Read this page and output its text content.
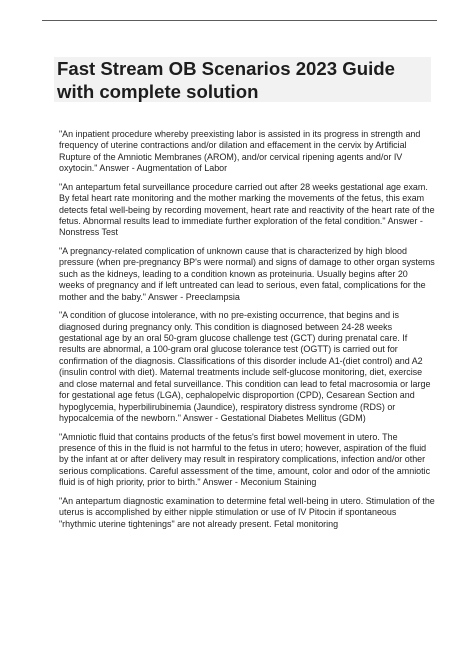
Fast Stream OB Scenarios 2023 Guide with complete solution

"An inpatient procedure whereby preexisting labor is assisted in its progress in strength and frequency of uterine contractions and/or dilation and effacement in the cervix by Artificial Rupture of the Amniotic Membranes (AROM), and/or cervical ripening agents and/or IV oxytocin." Answer - Augmentation of Labor

"An antepartum fetal surveillance procedure carried out after 28 weeks gestational age exam. By fetal heart rate monitoring and the mother marking the movements of the fetus, this exam detects fetal well-being by recording movement, heart rate and reactivity of the heart rate of the fetus. Abnormal results lead to immediate further exploration of the fetal condition." Answer - Nonstress Test

"A pregnancy-related complication of unknown cause that is characterized by high blood pressure (when pre-pregnancy BP's were normal) and signs of damage to other organ systems such as the kidneys, leading to a condition known as proteinuria. Usually begins after 20 weeks of pregnancy and if left untreated can lead to serious, even fatal, complications for the mother and the baby." Answer - Preeclampsia

"A condition of glucose intolerance, with no pre-existing occurrence, that begins and is diagnosed during pregnancy only. This condition is diagnosed between 24-28 weeks gestational age by an oral 50-gram glucose challenge test (GCT) during prenatal care. If results are abnormal, a 100-gram oral glucose tolerance test (OGTT) is carried out for confirmation of the diagnosis. Classifications of this disorder include A1-(diet control) and A2 (insulin control with diet). Maternal treatments include self-glucose monitoring, diet, exercise and close maternal and fetal surveillance. This condition can lead to fetal macrosomia or large for gestational age fetus (LGA), cephalopelvic disproportion (CPD), Cesarean Section and hypoglycemia, hyperbilirubinemia (Jaundice), respiratory distress syndrome (RDS) or hypocalcemia of the newborn." Answer - Gestational Diabetes Mellitus (GDM)

"Amniotic fluid that contains products of the fetus's first bowel movement in utero. The presence of this in the fluid is not harmful to the fetus in utero; however, aspiration of the fluid by the infant at or after delivery may result in respiratory complications, infection and/or other serious complications. Careful assessment of the time, amount, color and odor of the amniotic fluid is of high priority, prior to birth." Answer - Meconium Staining

"An antepartum diagnostic examination to determine fetal well-being in utero. Stimulation of the uterus is accomplished by either nipple stimulation or use of IV Pitocin if spontaneous "rhythmic uterine tightenings" are not already present. Fetal monitoring
